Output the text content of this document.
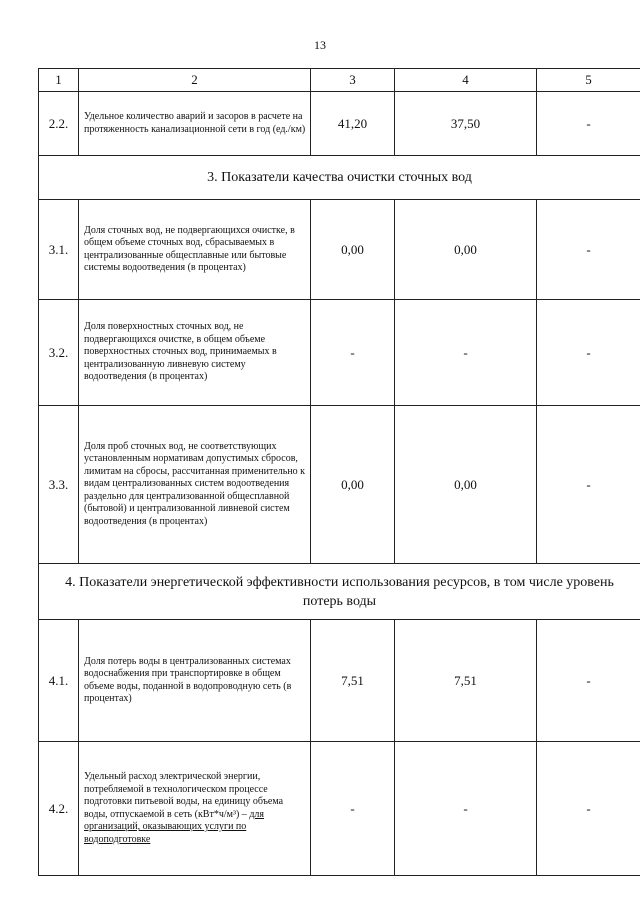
13
1	2	3	4	5
2.2.	Удельное количество аварий и засоров в расчете на протяженность канализационной сети в год (ед./км)	41,20	37,50	-
3. Показатели качества очистки сточных вод				
3.1.	Доля сточных вод, не подвергающихся очистке, в общем объеме сточных вод, сбрасываемых в централизованные общесплавные или бытовые системы водоотведения (в процентах)	0,00	0,00	-
3.2.	Доля поверхностных сточных вод, не подвергающихся очистке, в общем объеме поверхностных сточных вод, принимаемых в централизованную ливневую систему водоотведения (в процентах)	-	-	-
3.3.	Доля проб сточных вод, не соответствующих установленным нормативам допустимых сбросов, лимитам на сбросы, рассчитанная применительно к видам централизованных систем водоотведения раздельно для централизованной общесплавной (бытовой) и централизованной ливневой систем водоотведения (в процентах)	0,00	0,00	-
4. Показатели энергетической эффективности использования ресурсов, в том числе уровень потерь воды				
4.1.	Доля потерь воды в централизованных системах водоснабжения при транспортировке в общем объеме воды, поданной в водопроводную сеть (в процентах)	7,51	7,51	-
4.2.	Удельный расход электрической энергии, потребляемой в технологическом процессе подготовки питьевой воды, на единицу объема воды, отпускаемой в сеть (кВт*ч/м³) – для организаций, оказывающих услуги по водоподготовке	-	-	-
